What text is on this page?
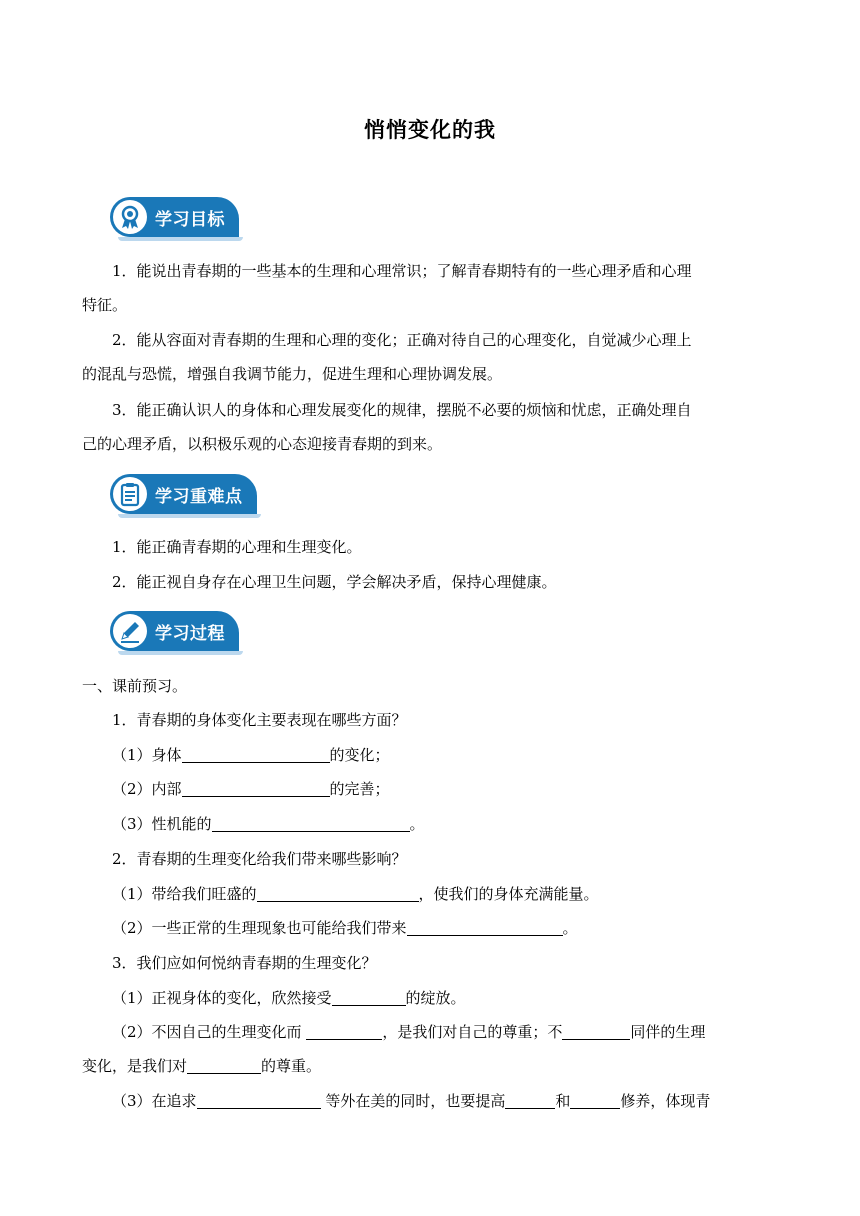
悄悄变化的我
学习目标
1．能说出青春期的一些基本的生理和心理常识；了解青春期特有的一些心理矛盾和心理
特征。
2．能从容面对青春期的生理和心理的变化；正确对待自己的心理变化，自觉减少心理上
的混乱与恐慌，增强自我调节能力，促进生理和心理协调发展。
3．能正确认识人的身体和心理发展变化的规律，摆脱不必要的烦恼和忧虑，正确处理自
己的心理矛盾，以积极乐观的心态迎接青春期的到来。
学习重难点
1．能正确青春期的心理和生理变化。
2．能正视自身存在心理卫生问题，学会解决矛盾，保持心理健康。
学习过程
一、课前预习。
1．青春期的身体变化主要表现在哪些方面？
（1）身体	的变化；
（2）内部	的完善；
（3）性机能的	。
2．青春期的生理变化给我们带来哪些影响？
（1）带给我们旺盛的	，使我们的身体充满能量。
（2）一些正常的生理现象也可能给我们带来	。
3．我们应如何悦纳青春期的生理变化？
（1）正视身体的变化，欣然接受	的绽放。
（2）不因自己的生理变化而	，是我们对自己的尊重；不	同伴的生理
变化，是我们对	的尊重。
（3）在追求	等外在美的同时，也要提高	和	修养，体现青
